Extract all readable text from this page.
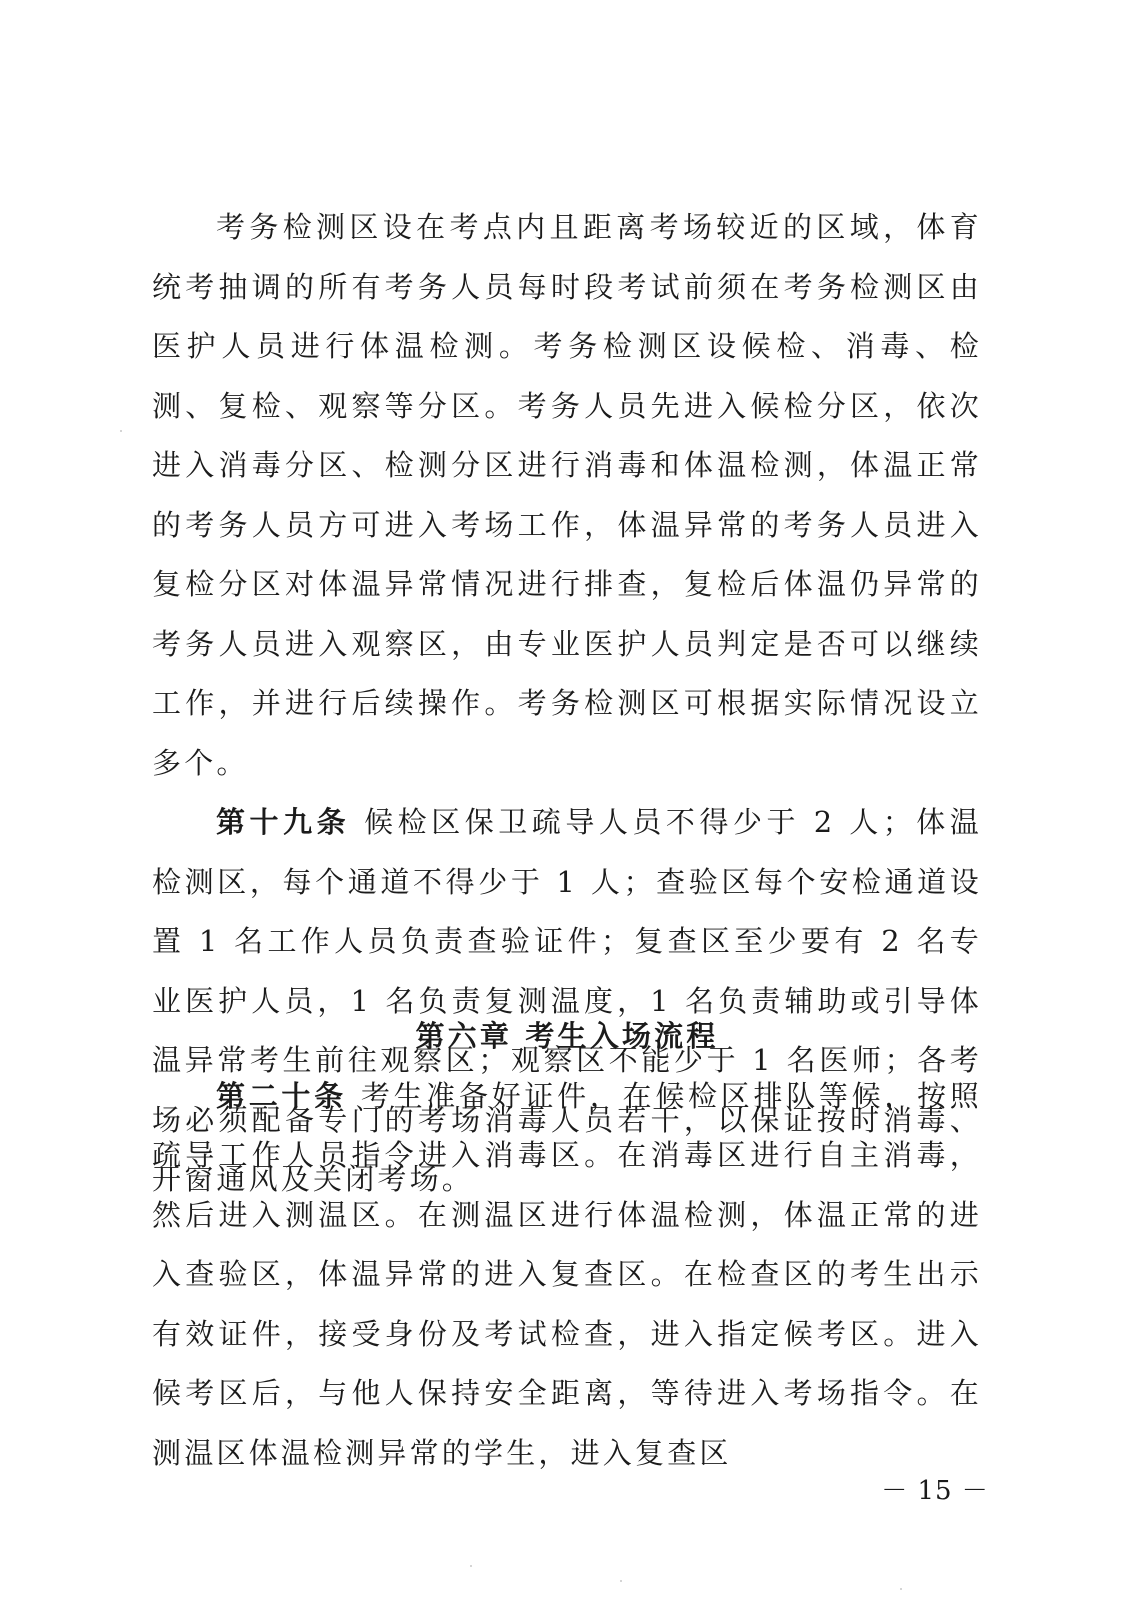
考务检测区设在考点内且距离考场较近的区域，体育统考抽调的所有考务人员每时段考试前须在考务检测区由医护人员进行体温检测。考务检测区设候检、消毒、检测、复检、观察等分区。考务人员先进入候检分区，依次进入消毒分区、检测分区进行消毒和体温检测，体温正常的考务人员方可进入考场工作，体温异常的考务人员进入复检分区对体温异常情况进行排查，复检后体温仍异常的考务人员进入观察区，由专业医护人员判定是否可以继续工作，并进行后续操作。考务检测区可根据实际情况设立多个。

第十九条 候检区保卫疏导人员不得少于 2 人；体温检测区，每个通道不得少于 1 人；查验区每个安检通道设置 1 名工作人员负责查验证件；复查区至少要有 2 名专业医护人员，1 名负责复测温度，1 名负责辅助或引导体温异常考生前往观察区；观察区不能少于 1 名医师；各考场必须配备专门的考场消毒人员若干，以保证按时消毒、开窗通风及关闭考场。

第六章 考生入场流程

第二十条 考生准备好证件，在候检区排队等候，按照疏导工作人员指令进入消毒区。在消毒区进行自主消毒，然后进入测温区。在测温区进行体温检测，体温正常的进入查验区，体温异常的进入复查区。在检查区的考生出示有效证件，接受身份及考试检查，进入指定候考区。进入候考区后，与他人保持安全距离，等待进入考场指令。在测温区体温检测异常的学生，进入复查区

－ 15 －
